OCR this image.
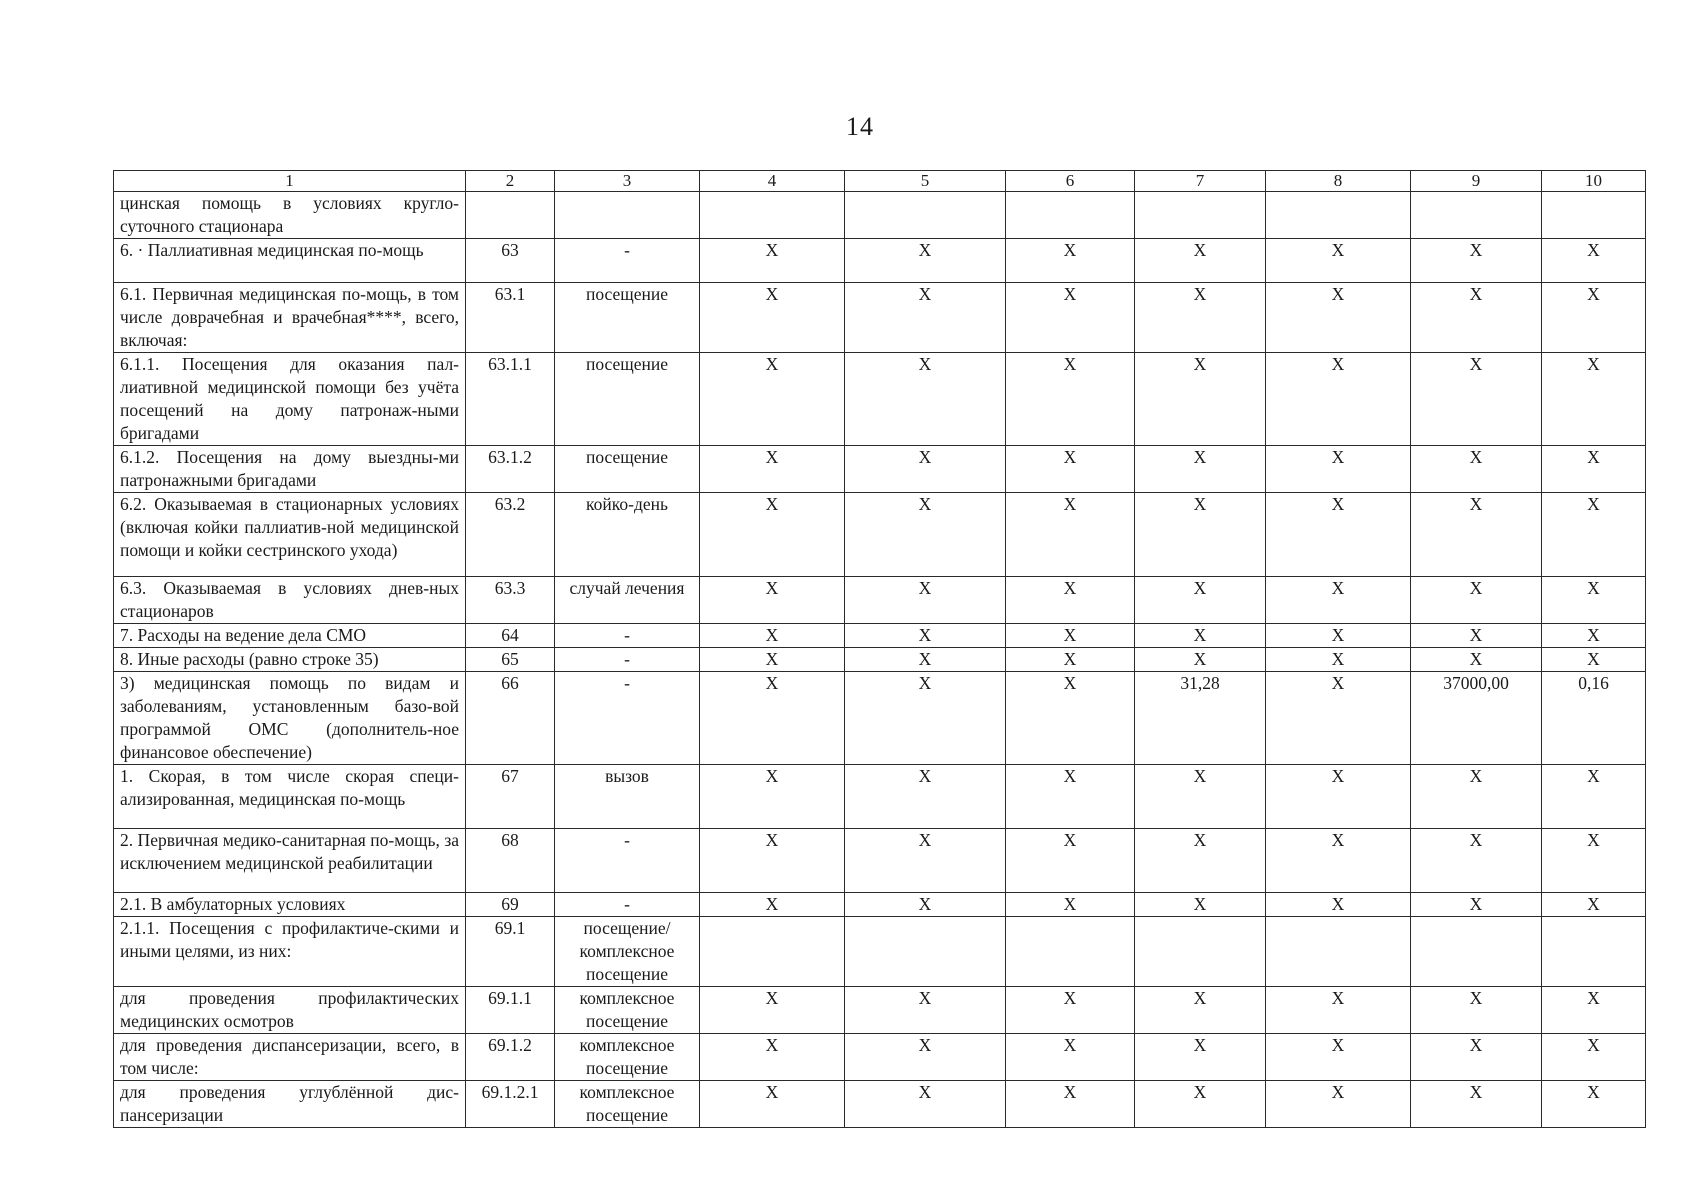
14
1	2	3	4	5	6	7	8	9	10
цинская помощь в условиях кругло-суточного стационара									
6. · Паллиативная медицинская по-мощь	63	-	X	X	X	X	X	X	X
6.1. Первичная медицинская по-мощь, в том числе доврачебная и врачебная****, всего, включая:	63.1	посещение	X	X	X	X	X	X	X
6.1.1. Посещения для оказания пал-лиативной медицинской помощи без учёта посещений на дому патронаж-ными бригадами	63.1.1	посещение	X	X	X	X	X	X	X
6.1.2. Посещения на дому выездны-ми патронажными бригадами	63.1.2	посещение	X	X	X	X	X	X	X
6.2. Оказываемая в стационарных условиях (включая койки паллиатив-ной медицинской помощи и койки сестринского ухода)	63.2	койко-день	X	X	X	X	X	X	X
6.3. Оказываемая в условиях днев-ных стационаров	63.3	случай лечения	X	X	X	X	X	X	X
7. Расходы на ведение дела СМО	64	-	X	X	X	X	X	X	X
8. Иные расходы (равно строке 35)	65	-	X	X	X	X	X	X	X
3) медицинская помощь по видам и заболеваниям, установленным базо-вой программой ОМС (дополнитель-ное финансовое обеспечение)	66	-	X	X	X	31,28	X	37000,00	0,16
1. Скорая, в том числе скорая специ-ализированная, медицинская по-мощь	67	вызов	X	X	X	X	X	X	X
2. Первичная медико-санитарная по-мощь, за исключением медицинской реабилитации	68	-	X	X	X	X	X	X	X
2.1. В амбулаторных условиях	69	-	X	X	X	X	X	X	X
2.1.1. Посещения с профилактиче-скими и иными целями, из них:	69.1	посещение/ комплексное посещение							
для проведения профилактических медицинских осмотров	69.1.1	комплексное посещение	X	X	X	X	X	X	X
для проведения диспансеризации, всего, в том числе:	69.1.2	комплексное посещение	X	X	X	X	X	X	X
для проведения углублённой дис-пансеризации	69.1.2.1	комплексное посещение	X	X	X	X	X	X	X
